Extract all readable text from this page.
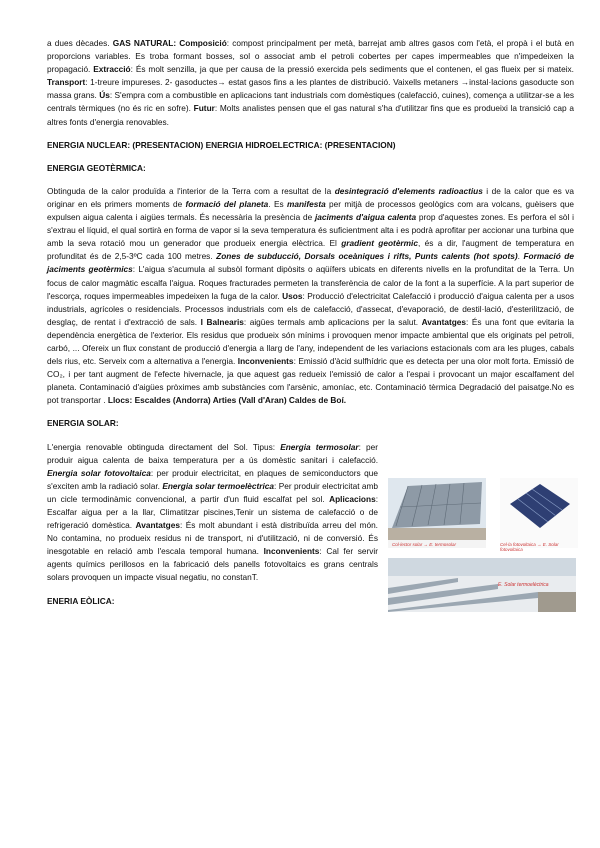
a dues dècades. GAS NATURAL: Composició: compost principalment per metà, barrejat amb altres gasos com l'età, el propà i el butà en proporcions variables. Es troba formant bosses, sol o associat amb el petroli cobertes per capes impermeables que n'impedeixen la propagació. Extracció: És molt senzilla, ja que per causa de la pressió exercida pels sediments que el contenen, el gas flueix per si mateix. Transport: 1-treure impureses. 2- gasoductes→ estat gasos fins a les plantes de distribució. Vaixells metaners →instal·lacions gasoducte son massa grans. Ús: S'empra com a combustible en aplicacions tant industrials com domèstiques (calefacció, cuines), comença a utilitzar-se a les centrals tèrmiques (no és ric en sofre). Futur: Molts analistes pensen que el gas natural s'ha d'utilitzar fins que es produeixi la transició cap a altres fonts d'energia renovables.

ENERGIA NUCLEAR: (PRESENTACION) ENERGIA HIDROELECTRICA: (PRESENTACION)

ENERGIA GEOTÈRMICA:

Obtinguda de la calor produïda a l'interior de la Terra com a resultat de la desintegració d'elements radioactius i de la calor que es va originar en els primers moments de formació del planeta. Es manifesta per mitjà de processos geològics com ara volcans, guèisers que expulsen aigua calenta i aigües termals. És necessària la presència de jaciments d'aigua calenta prop d'aquestes zones. Es perfora el sòl i s'extrau el líquid, el qual sortirà en forma de vapor si la seva temperatura és suficientment alta i es podrà aprofitar per accionar una turbina que amb la seva rotació mou un generador que produeix energia elèctrica. El gradient geotèrmic, és a dir, l'augment de temperatura en profunditat és de 2,5-3ºC cada 100 metres. Zones de subducció, Dorsals oceàniques i rifts, Punts calents (hot spots). Formació de jaciments geotèrmics: L'aigua s'acumula al subsòl formant dipòsits o aqüífers ubicats en diferents nivells en la profunditat de la Terra. Un focus de calor magmàtic escalfa l'aigua. Roques fracturades permeten la transferència de calor de la font a la superfície. A la part superior de l'escorça, roques impermeables impedeixen la fuga de la calor. Usos: Producció d'electricitat Calefacció i producció d'aigua calenta per a usos industrials, agrícoles o residencials. Processos industrials com els de calefacció, d'assecat, d'evaporació, de destil·lació, d'esterilització, de desglaç, de rentat i d'extracció de sals. I Balnearis: aigües termals amb aplicacions per la salut. Avantatges: És una font que evitaria la dependència energètica de l'exterior. Els residus que produeix són mínims i provoquen menor impacte ambiental que els originats pel petroli, carbó, ... Ofereix un flux constant de producció d'energia a llarg de l'any, independent de les variacions estacionals com ara les pluges, cabals dels rius, etc. Serveix com a alternativa a l'energia. Inconvenients: Emissió d'àcid sulfhídric que es detecta per una olor molt forta. Emissió de CO₂, i per tant augment de l'efecte hivernacle, ja que aquest gas redueix l'emissió de calor a l'espai i provocant un major escalfament del planeta. Contaminació d'aigües pròximes amb substàncies com l'arsènic, amoníac, etc. Contaminació tèrmica Degradació del paisatge.No es pot transportar . Llocs: Escaldes (Andorra) Arties (Vall d'Aran) Caldes de Boí.

ENERGIA SOLAR:

L'energia renovable obtinguda directament del Sol. Tipus: Energia termosolar: per produir aigua calenta de baixa temperatura per a ús domèstic sanitari i calefacció. Energia solar fotovoltaica: per produir electricitat, en plaques de semiconductors que s'exciten amb la radiació solar. Energia solar termoelèctrica: Per produir electricitat amb un cicle termodinàmic convencional, a partir d'un fluid escalfat pel sol. Aplicacions: Escalfar aigua per a la llar, Climatitzar piscines,Tenir un sistema de calefacció o de refrigeració domèstica. Avantatges: És molt abundant i està distribuïda arreu del món. No contamina, no produeix residus ni de transport, ni d'utilització, ni de conversió. És inesgotable en relació amb l'escala temporal humana. Inconvenients: Cal fer servir agents químics perillosos en la fabricació dels panells fotovoltaics es grans centrals solars provoquen un impacte visual negatiu, no constanT.

ENERIA EÒLICA:

Col·lector solar → E. termosolar	Cel·la fotovoltaica → E. Solar fotovoltaica
E. Solar termoelèctrica
